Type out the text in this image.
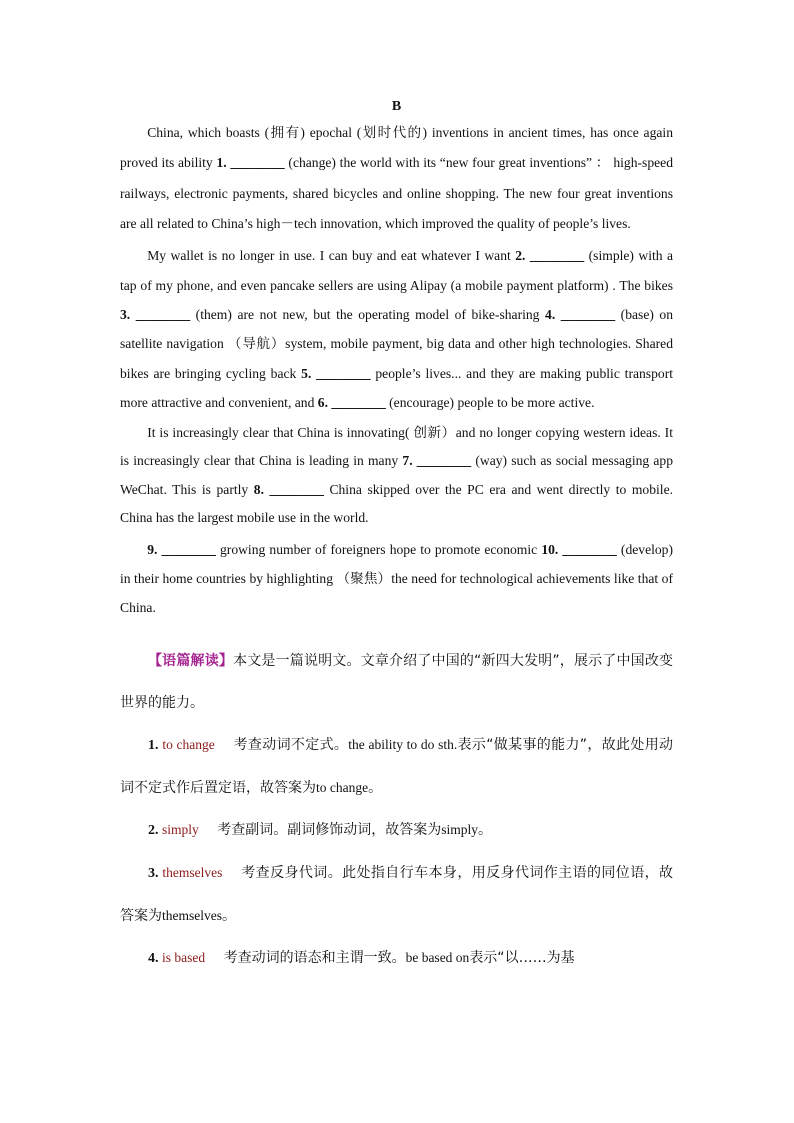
B

China, which boasts (拥有) epochal (划时代的) inventions in ancient times, has once again proved its ability 1. ________ (change) the world with its “new four great inventions” ： high-speed railways, electronic payments, shared bicycles and online shopping. The new four great inventions are all related to China’s high－tech innovation, which improved the quality of people’s lives.

My wallet is no longer in use. I can buy and eat whatever I want 2. ________ (simple) with a tap of my phone, and even pancake sellers are using Alipay (a mobile payment platform) . The bikes 3. ________ (them) are not new, but the operating model of bike-sharing 4. ________ (base) on satellite navigation （导航）system, mobile payment, big data and other high technologies. Shared bikes are bringing cycling back 5. ________ people’s lives... and they are making public transport more attractive and convenient, and 6. ________ (encourage) people to be more active.

It is increasingly clear that China is innovating( 创新）and no longer copying western ideas. It is increasingly clear that China is leading in many 7. ________ (way) such as social messaging app WeChat. This is partly 8. ________ China skipped over the PC era and went directly to mobile. China has the largest mobile use in the world.

9. ________ growing number of foreigners hope to promote economic 10. ________ (develop) in their home countries by highlighting （聚焦）the need for technological achievements like that of China.

【语篇解读】本文是一篇说明文。文章介绍了中国的“新四大发明”，展示了中国改变世界的能力。

1. to change  考查动词不定式。the ability to do sth.表示“做某事的能力”，故此处用动词不定式作后置定语，故答案为to change。

2. simply  考查副词。副词修饰动词，故答案为simply。

3. themselves  考查反身代词。此处指自行车本身，用反身代词作主语的同位语，故答案为themselves。

4. is based  考查动词的语态和主谓一致。be based on表示“以……为基
